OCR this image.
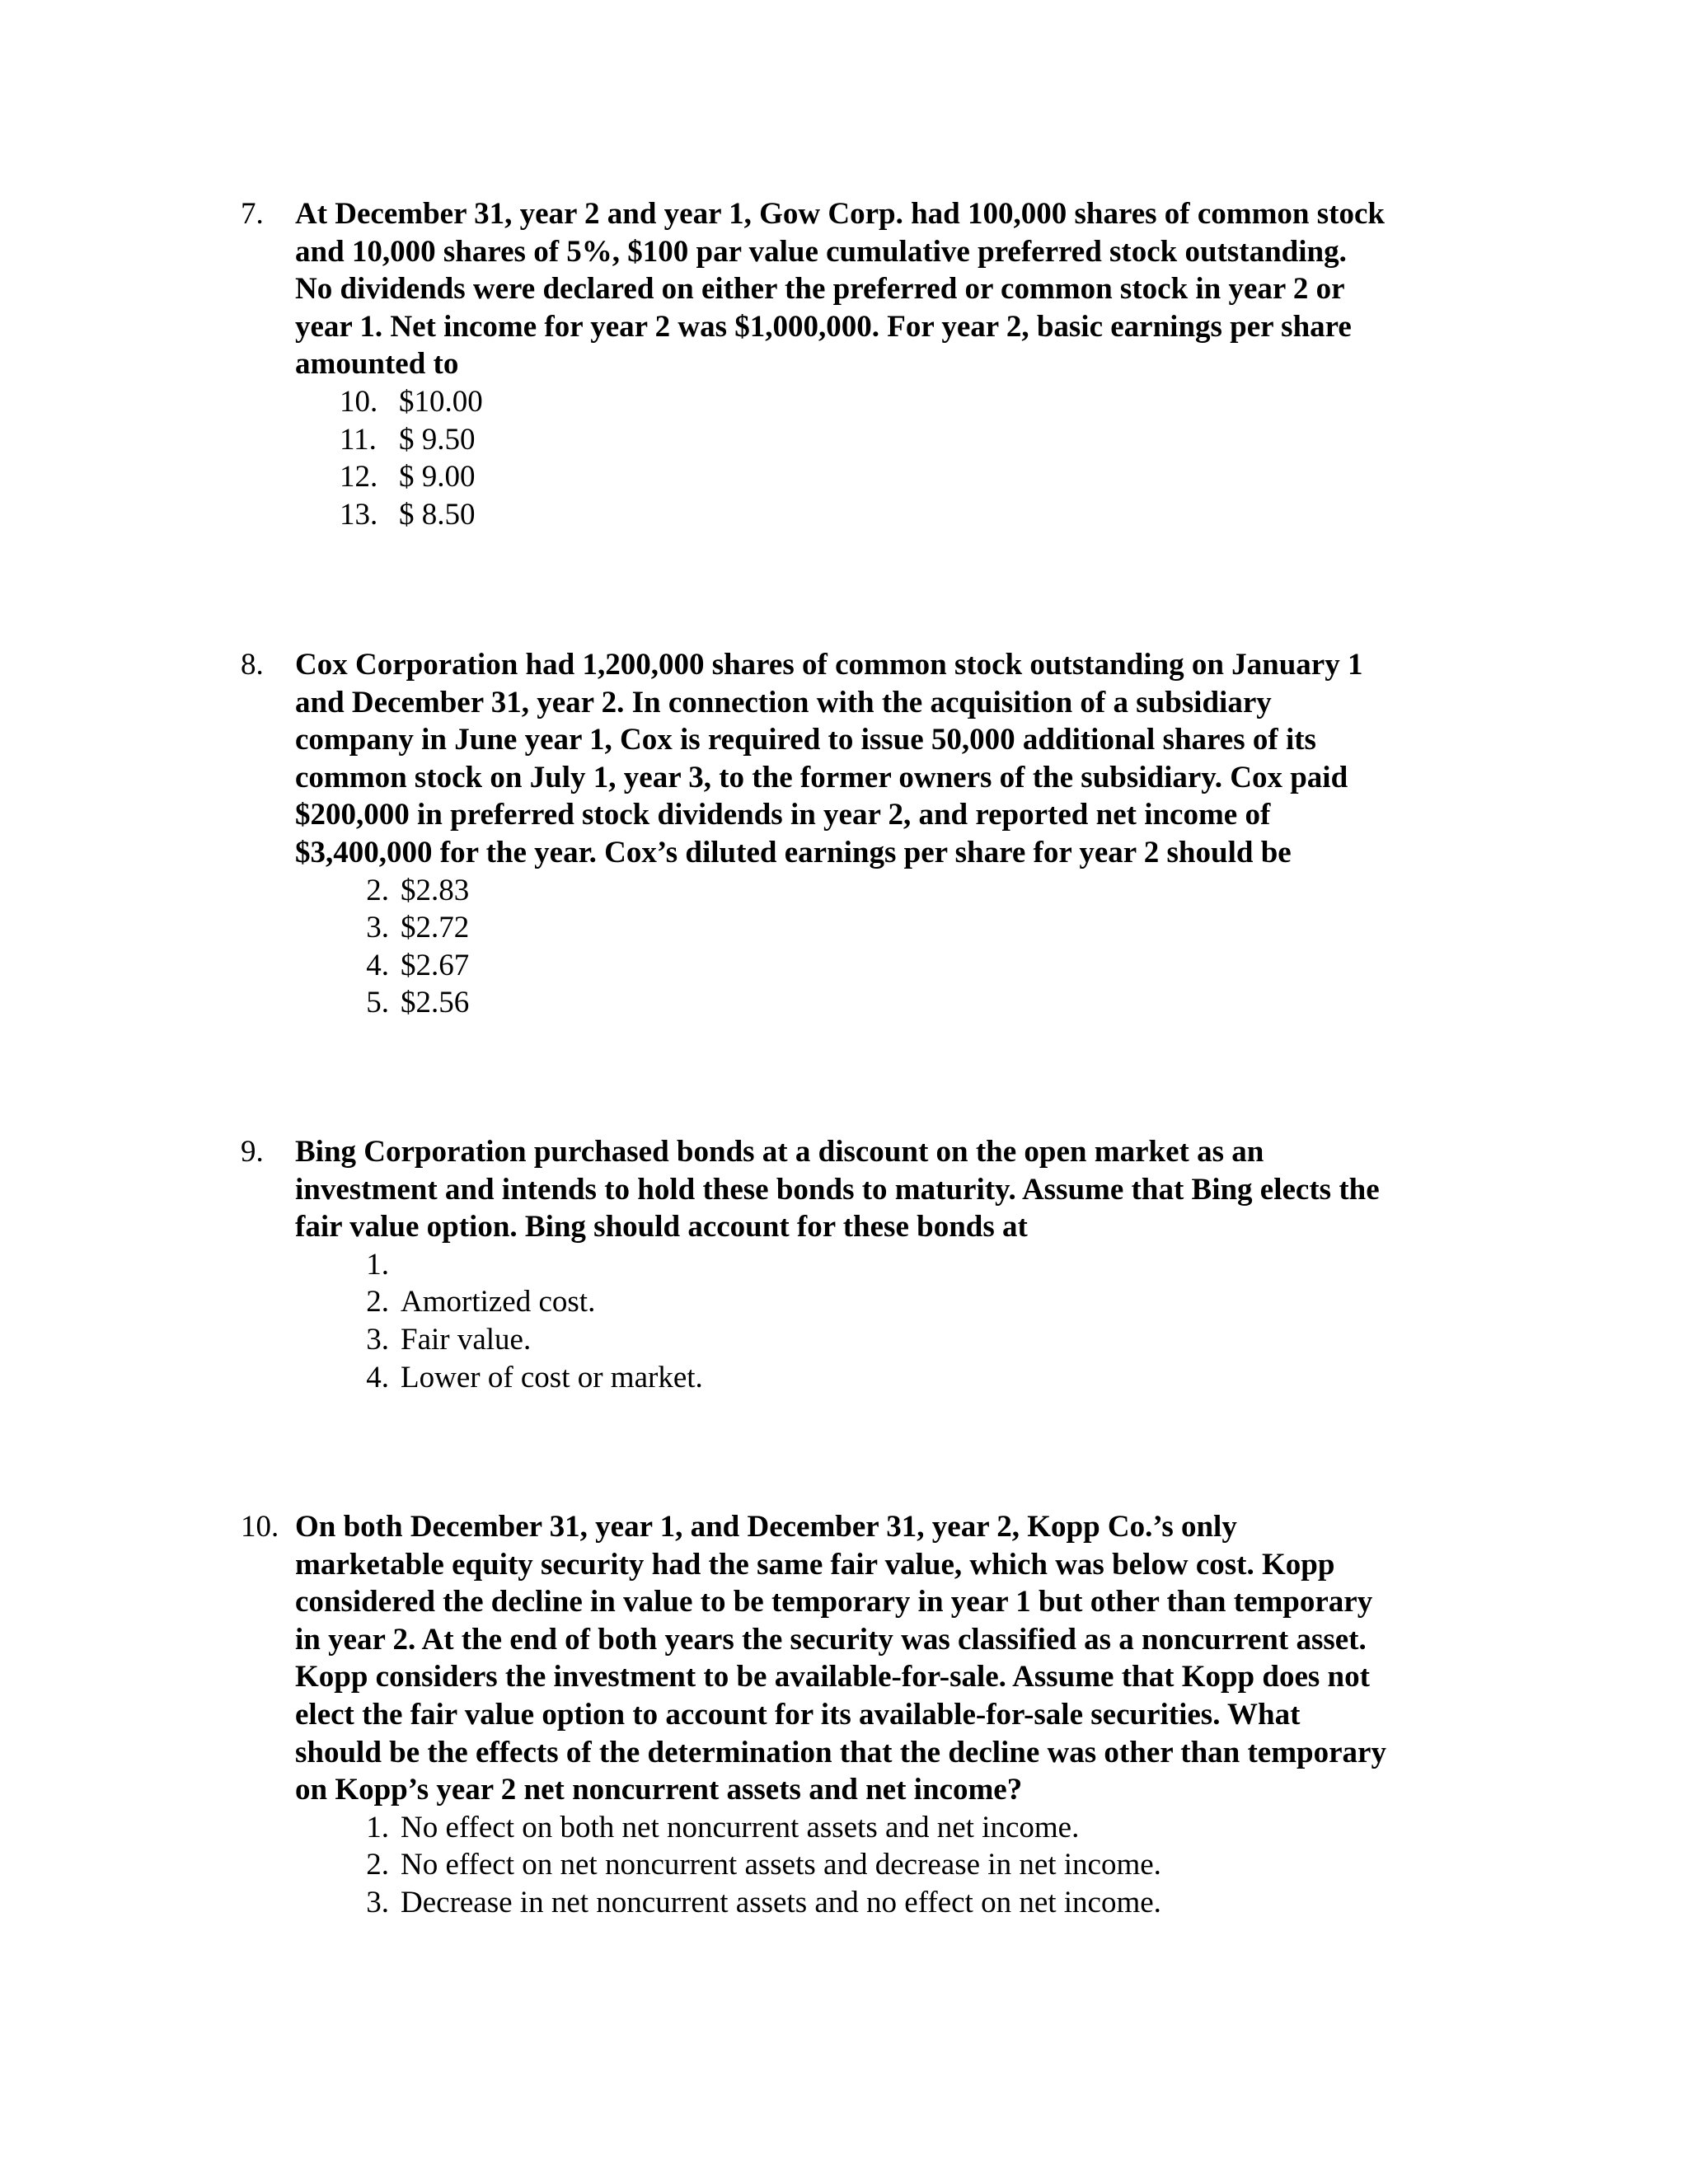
7.	At December 31, year 2 and year 1, Gow Corp. had 100,000 shares of common stock
and 10,000 shares of 5%, $100 par value cumulative preferred stock outstanding.
No dividends were declared on either the preferred or common stock in year 2 or
year 1. Net income for year 2 was $1,000,000. For year 2, basic earnings per share
amounted to
10. $10.00
11. $ 9.50
12. $ 9.00
13. $ 8.50
8.	Cox Corporation had 1,200,000 shares of common stock outstanding on January 1
and December 31, year 2. In connection with the acquisition of a subsidiary
company in June year 1, Cox is required to issue 50,000 additional shares of its
common stock on July 1, year 3, to the former owners of the subsidiary. Cox paid
$200,000 in preferred stock dividends in year 2, and reported net income of
$3,400,000 for the year. Cox’s diluted earnings per share for year 2 should be
2. $2.83
3. $2.72
4. $2.67
5. $2.56
9.	Bing Corporation purchased bonds at a discount on the open market as an
investment and intends to hold these bonds to maturity. Assume that Bing elects the
fair value option. Bing should account for these bonds at
1.
2. Amortized cost.
3. Fair value.
4. Lower of cost or market.
10. On both December 31, year 1, and December 31, year 2, Kopp Co.’s only
marketable equity security had the same fair value, which was below cost. Kopp
considered the decline in value to be temporary in year 1 but other than temporary
in year 2. At the end of both years the security was classified as a noncurrent asset.
Kopp considers the investment to be available-for-sale. Assume that Kopp does not
elect the fair value option to account for its available-for-sale securities. What
should be the effects of the determination that the decline was other than temporary
on Kopp’s year 2 net noncurrent assets and net income?
1. No effect on both net noncurrent assets and net income.
2. No effect on net noncurrent assets and decrease in net income.
3. Decrease in net noncurrent assets and no effect on net income.
